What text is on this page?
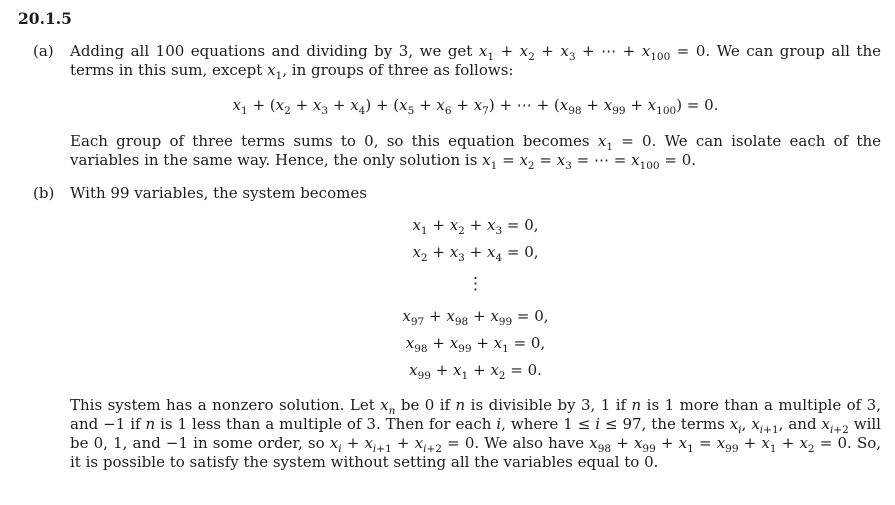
20.1.5
(a)	Adding all 100 equations and dividing by 3, we get $x_1 + x_2 + x_3$ + ⋯ + $x_{100} = 0$. We can group all the terms in this sum, except $x_1$, in groups of three as follows:

$x_1 + (x_2 + x_3 + x_4) + (x_5 + x_6 + x_7)$ + ⋯ + $(x_{98} + x_{99} + x_{100}) = 0$.

Each group of three terms sums to 0, so this equation becomes $x_1 = 0$. We can isolate each of the variables in the same way. Hence, the only solution is $x_1 = x_2 = x_3$ = ⋯ = $x_{100} = 0$.

(b)	With 99 variables, the system becomes

$x_1 + x_2 + x_3 = 0$,
$x_2 + x_3 + x_4 = 0$,
⋮
$x_{97} + x_{98} + x_{99} = 0$,
$x_{98} + x_{99} + x_1 = 0$,
$x_{99} + x_1 + x_2 = 0$.

This system has a nonzero solution. Let $x_n$ be 0 if n is divisible by 3, 1 if n is 1 more than a multiple of 3, and −1 if n is 1 less than a multiple of 3. Then for each i, where 1 ≤ i ≤ 97, the terms $x_i$, $x_{i+1}$, and $x_{i+2}$ will be 0, 1, and −1 in some order, so $x_i + x_{i+1} + x_{i+2} = 0$. We also have $x_{98} + x_{99} + x_1 = x_{99} + x_1 + x_2 = 0$. So, it is possible to satisfy the system without setting all the variables equal to 0.
